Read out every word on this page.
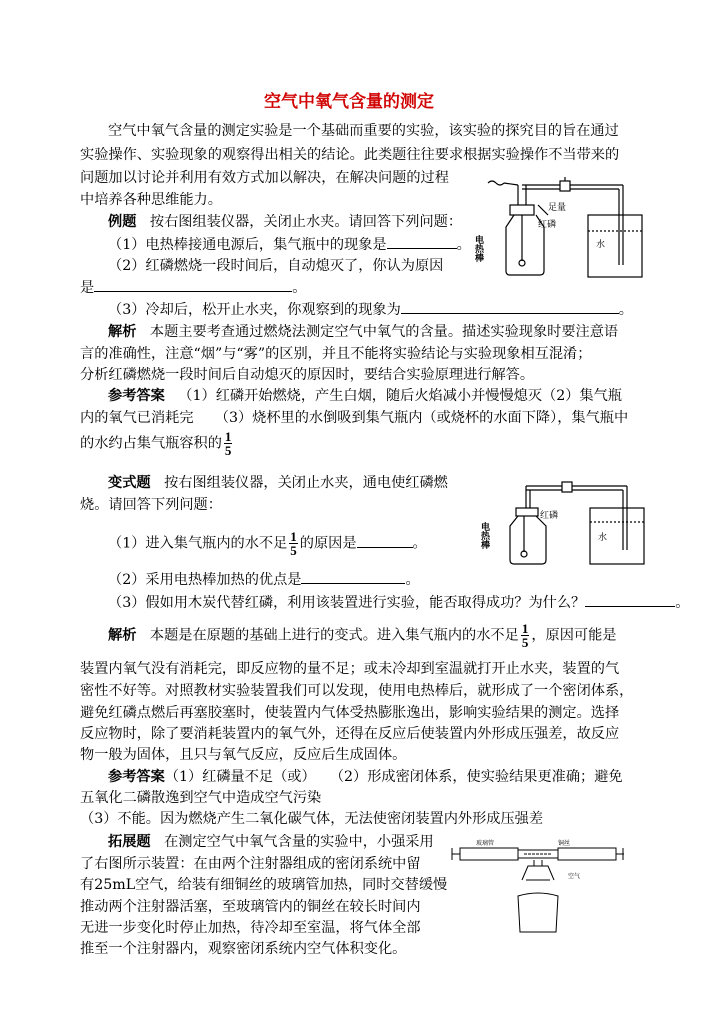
空气中氧气含量的测定
空气中氧气含量的测定实验是一个基础而重要的实验，该实验的探究目的旨在通过
实验操作、实验现象的观察得出相关的结论。此类题往往要求根据实验操作不当带来的
问题加以讨论并利用有效方式加以解决，在解决问题的过程
中培养各种思维能力。
例题 按右图组装仪器，关闭止水夹。请回答下列问题：
（1）电热棒接通电源后，集气瓶中的现象是	。
（2）红磷燃烧一段时间后，自动熄灭了，你认为原因
是	。
（3）冷却后，松开止水夹，你观察到的现象为	。
解析 本题主要考查通过燃烧法测定空气中氧气的含量。描述实验现象时要注意语
言的准确性，注意“烟”与“雾”的区别，并且不能将实验结论与实验现象相互混淆；
分析红磷燃烧一段时间后自动熄灭的原因时，要结合实验原理进行解答。
参考答案 （1）红磷开始燃烧，产生白烟，随后火焰减小并慢慢熄灭（2）集气瓶
内的氧气已消耗完　　（3）烧杯里的水倒吸到集气瓶内（或烧杯的水面下降），集气瓶中
的水约占集气瓶容积的 $\frac{1}{5}$
变式题 按右图组装仪器，关闭止水夹，通电使红磷燃
烧。请回答下列问题：
（1）进入集气瓶内的水不足 $\frac{1}{5}$ 的原因是	。
（2）采用电热棒加热的优点是	。
（3）假如用木炭代替红磷，利用该装置进行实验，能否取得成功？为什么？	。
解析 本题是在原题的基础上进行的变式。进入集气瓶内的水不足 $\frac{1}{5}$ ，原因可能是
装置内氧气没有消耗完，即反应物的量不足；或未冷却到室温就打开止水夹，装置的气
密性不好等。对照教材实验装置我们可以发现，使用电热棒后，就形成了一个密闭体系，
避免红磷点燃后再塞胶塞时，使装置内气体受热膨胀逸出，影响实验结果的测定。选择
反应物时，除了要消耗装置内的氧气外，还得在反应后使装置内外形成压强差，故反应
物一般为固体，且只与氧气反应，反应后生成固体。
参考答案（1）红磷量不足（或）　　（2）形成密闭体系，使实验结果更准确；避免
五氧化二磷散逸到空气中造成空气污染
（3）不能。因为燃烧产生二氧化碳气体，无法使密闭装置内外形成压强差
拓展题 在测定空气中氧气含量的实验中，小强采用
了右图所示装置：在由两个注射器组成的密闭系统中留
有25mL空气，给装有细铜丝的玻璃管加热，同时交替缓慢
推动两个注射器活塞，至玻璃管内的铜丝在较长时间内
无进一步变化时停止加热，待冷却至室温，将气体全部
推至一个注射器内，观察密闭系统内空气体积变化。
电热棒
足量
红磷
水
电热棒
红磷
水
玻璃管	铜丝
空气
